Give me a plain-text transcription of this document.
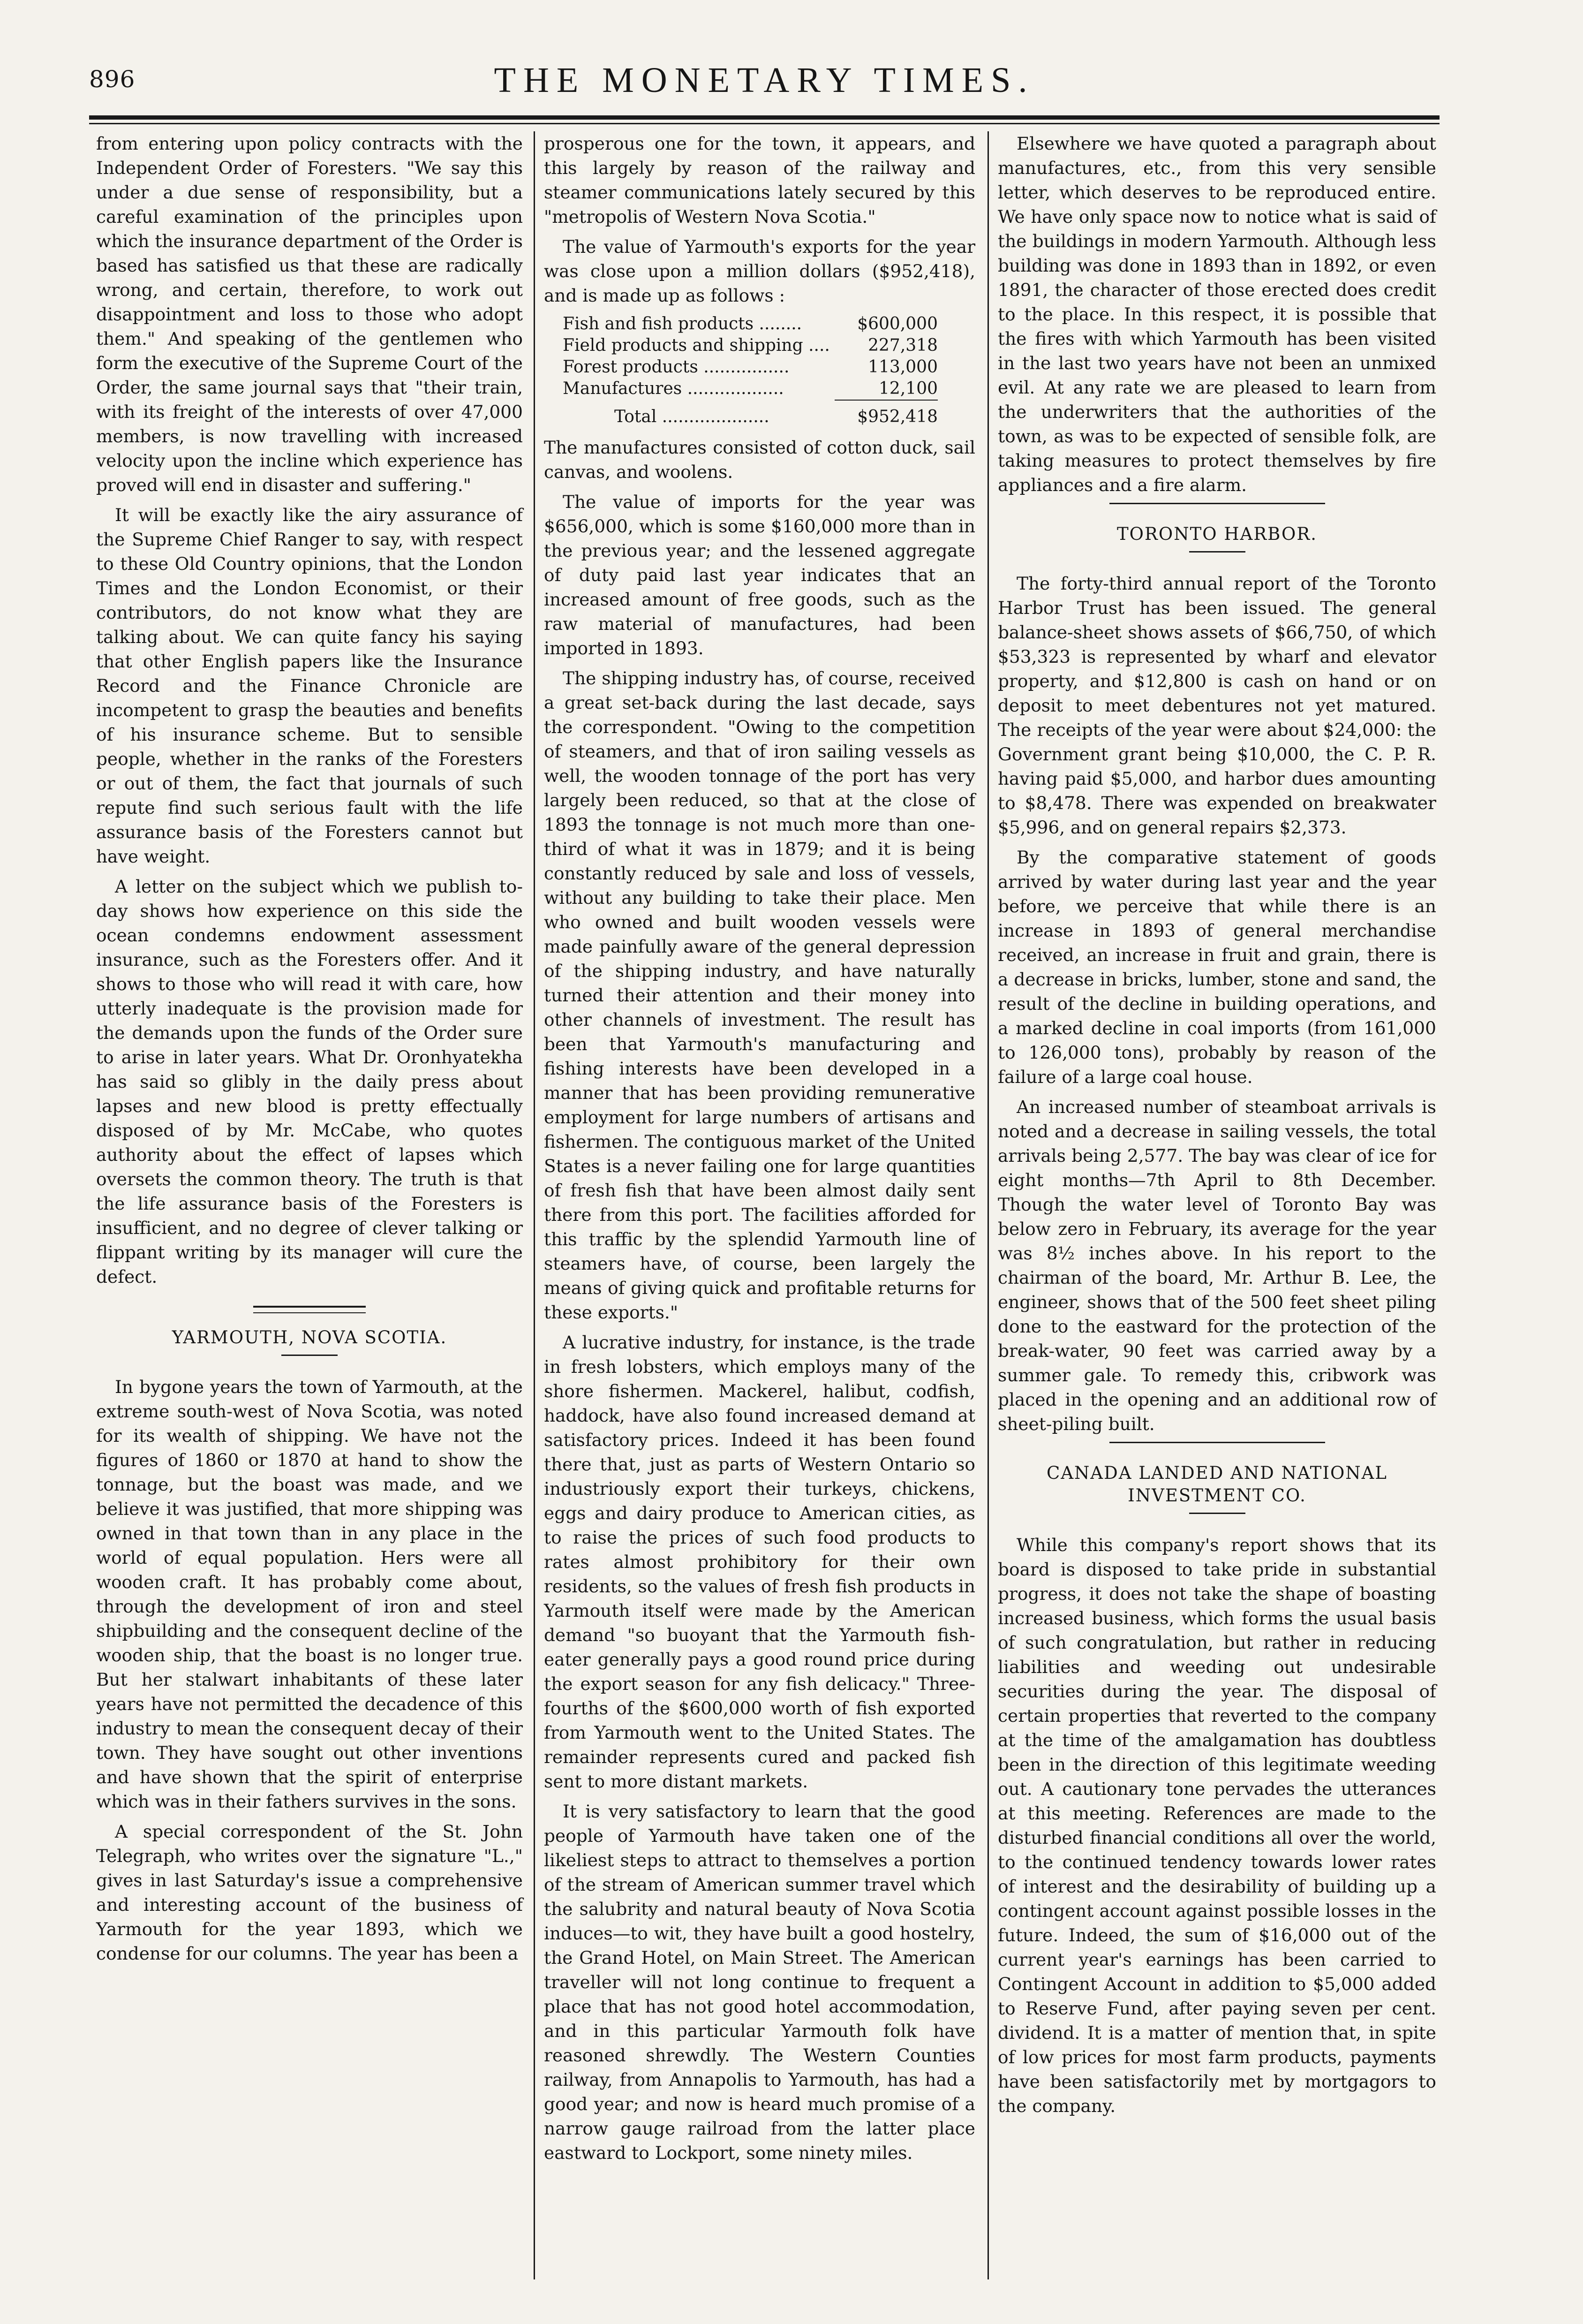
896	THE MONETARY TIMES.

from entering upon policy contracts with the Independent Order of Foresters. "We say this under a due sense of responsibility, but a careful examination of the principles upon which the insurance department of the Order is based has satisfied us that these are radically wrong, and certain, therefore, to work out disappointment and loss to those who adopt them." And speaking of the gentlemen who form the executive of the Supreme Court of the Order, the same journal says that "their train, with its freight of the interests of over 47,000 members, is now travelling with increased velocity upon the incline which experience has proved will end in disaster and suffering."

It will be exactly like the airy assurance of the Supreme Chief Ranger to say, with respect to these Old Country opinions, that the London Times and the London Economist, or their contributors, do not know what they are talking about. We can quite fancy his saying that other English papers like the Insurance Record and the Finance Chronicle are incompetent to grasp the beauties and benefits of his insurance scheme. But to sensible people, whether in the ranks of the Foresters or out of them, the fact that journals of such repute find such serious fault with the life assurance basis of the Foresters cannot but have weight.

A letter on the subject which we publish to-day shows how experience on this side the ocean condemns endowment assessment insurance, such as the Foresters offer. And it shows to those who will read it with care, how utterly inadequate is the provision made for the demands upon the funds of the Order sure to arise in later years. What Dr. Oronhyatekha has said so glibly in the daily press about lapses and new blood is pretty effectually disposed of by Mr. McCabe, who quotes authority about the effect of lapses which oversets the common theory. The truth is that the life assurance basis of the Foresters is insufficient, and no degree of clever talking or flippant writing by its manager will cure the defect.

YARMOUTH, NOVA SCOTIA.

In bygone years the town of Yarmouth, at the extreme south-west of Nova Scotia, was noted for its wealth of shipping. We have not the figures of 1860 or 1870 at hand to show the tonnage, but the boast was made, and we believe it was justified, that more shipping was owned in that town than in any place in the world of equal population. Hers were all wooden craft. It has probably come about, through the development of iron and steel shipbuilding and the consequent decline of the wooden ship, that the boast is no longer true. But her stalwart inhabitants of these later years have not permitted the decadence of this industry to mean the consequent decay of their town. They have sought out other inventions and have shown that the spirit of enterprise which was in their fathers survives in the sons.

A special correspondent of the St. John Telegraph, who writes over the signature "L.," gives in last Saturday's issue a comprehensive and interesting account of the business of Yarmouth for the year 1893, which we condense for our columns. The year has been a

prosperous one for the town, it appears, and this largely by reason of the railway and steamer communications lately secured by this "metropolis of Western Nova Scotia."

The value of Yarmouth's exports for the year was close upon a million dollars ($952,418), and is made up as follows :

Fish and fish products ........	$600,000
Field products and shipping ....	227,318
Forest products ................	113,000
Manufactures ..................	12,100
Total ....................	$952,418

The manufactures consisted of cotton duck, sail canvas, and woolens.

The value of imports for the year was $656,000, which is some $160,000 more than in the previous year; and the lessened aggregate of duty paid last year indicates that an increased amount of free goods, such as the raw material of manufactures, had been imported in 1893.

The shipping industry has, of course, received a great set-back during the last decade, says the correspondent. "Owing to the competition of steamers, and that of iron sailing vessels as well, the wooden tonnage of the port has very largely been reduced, so that at the close of 1893 the tonnage is not much more than one-third of what it was in 1879; and it is being constantly reduced by sale and loss of vessels, without any building to take their place. Men who owned and built wooden vessels were made painfully aware of the general depression of the shipping industry, and have naturally turned their attention and their money into other channels of investment. The result has been that Yarmouth's manufacturing and fishing interests have been developed in a manner that has been providing remunerative employment for large numbers of artisans and fishermen. The contiguous market of the United States is a never failing one for large quantities of fresh fish that have been almost daily sent there from this port. The facilities afforded for this traffic by the splendid Yarmouth line of steamers have, of course, been largely the means of giving quick and profitable returns for these exports."

A lucrative industry, for instance, is the trade in fresh lobsters, which employs many of the shore fishermen. Mackerel, halibut, codfish, haddock, have also found increased demand at satisfactory prices. Indeed it has been found there that, just as parts of Western Ontario so industriously export their turkeys, chickens, eggs and dairy produce to American cities, as to raise the prices of such food products to rates almost prohibitory for their own residents, so the values of fresh fish products in Yarmouth itself were made by the American demand "so buoyant that the Yarmouth fish-eater generally pays a good round price during the export season for any fish delicacy." Three-fourths of the $600,000 worth of fish exported from Yarmouth went to the United States. The remainder represents cured and packed fish sent to more distant markets.

It is very satisfactory to learn that the good people of Yarmouth have taken one of the likeliest steps to attract to themselves a portion of the stream of American summer travel which the salubrity and natural beauty of Nova Scotia induces—to wit, they have built a good hostelry, the Grand Hotel, on Main Street. The American traveller will not long continue to frequent a place that has not good hotel accommodation, and in this particular Yarmouth folk have reasoned shrewdly. The Western Counties railway, from Annapolis to Yarmouth, has had a good year; and now is heard much promise of a narrow gauge railroad from the latter place eastward to Lockport, some ninety miles.

Elsewhere we have quoted a paragraph about manufactures, etc., from this very sensible letter, which deserves to be reproduced entire. We have only space now to notice what is said of the buildings in modern Yarmouth. Although less building was done in 1893 than in 1892, or even 1891, the character of those erected does credit to the place. In this respect, it is possible that the fires with which Yarmouth has been visited in the last two years have not been an unmixed evil. At any rate we are pleased to learn from the underwriters that the authorities of the town, as was to be expected of sensible folk, are taking measures to protect themselves by fire appliances and a fire alarm.

TORONTO HARBOR.

The forty-third annual report of the Toronto Harbor Trust has been issued. The general balance-sheet shows assets of $66,750, of which $53,323 is represented by wharf and elevator property, and $12,800 is cash on hand or on deposit to meet debentures not yet matured. The receipts of the year were about $24,000: the Government grant being $10,000, the C. P. R. having paid $5,000, and harbor dues amounting to $8,478. There was expended on breakwater $5,996, and on general repairs $2,373.

By the comparative statement of goods arrived by water during last year and the year before, we perceive that while there is an increase in 1893 of general merchandise received, an increase in fruit and grain, there is a decrease in bricks, lumber, stone and sand, the result of the decline in building operations, and a marked decline in coal imports (from 161,000 to 126,000 tons), probably by reason of the failure of a large coal house.

An increased number of steamboat arrivals is noted and a decrease in sailing vessels, the total arrivals being 2,577. The bay was clear of ice for eight months—7th April to 8th December. Though the water level of Toronto Bay was below zero in February, its average for the year was 8½ inches above. In his report to the chairman of the board, Mr. Arthur B. Lee, the engineer, shows that of the 500 feet sheet piling done to the eastward for the protection of the break-water, 90 feet was carried away by a summer gale. To remedy this, cribwork was placed in the opening and an additional row of sheet-piling built.

CANADA LANDED AND NATIONAL INVESTMENT CO.

While this company's report shows that its board is disposed to take pride in substantial progress, it does not take the shape of boasting increased business, which forms the usual basis of such congratulation, but rather in reducing liabilities and weeding out undesirable securities during the year. The disposal of certain properties that reverted to the company at the time of the amalgamation has doubtless been in the direction of this legitimate weeding out. A cautionary tone pervades the utterances at this meeting. References are made to the disturbed financial conditions all over the world, to the continued tendency towards lower rates of interest and the desirability of building up a contingent account against possible losses in the future. Indeed, the sum of $16,000 out of the current year's earnings has been carried to Contingent Account in addition to $5,000 added to Reserve Fund, after paying seven per cent. dividend. It is a matter of mention that, in spite of low prices for most farm products, payments have been satisfactorily met by mortgagors to the company.
